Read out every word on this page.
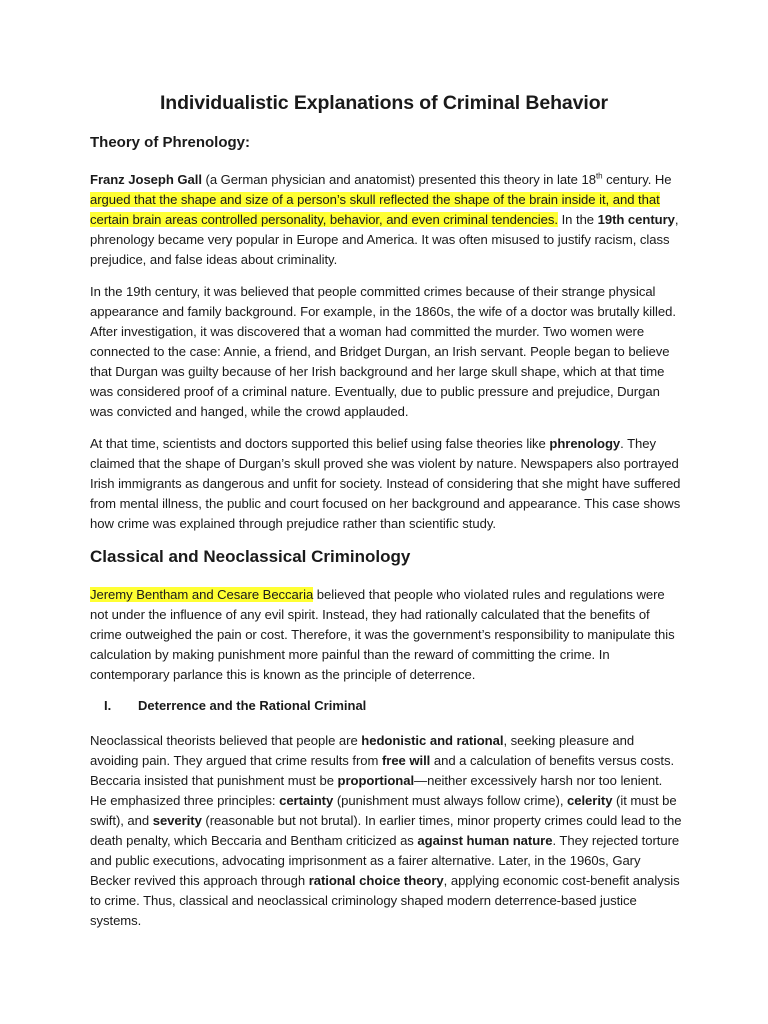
Individualistic Explanations of Criminal Behavior
Theory of Phrenology:

Franz Joseph Gall (a German physician and anatomist) presented this theory in late 18th century. He argued that the shape and size of a person’s skull reflected the shape of the brain inside it, and that certain brain areas controlled personality, behavior, and even criminal tendencies. In the 19th century, phrenology became very popular in Europe and America. It was often misused to justify racism, class prejudice, and false ideas about criminality.

In the 19th century, it was believed that people committed crimes because of their strange physical appearance and family background. For example, in the 1860s, the wife of a doctor was brutally killed. After investigation, it was discovered that a woman had committed the murder. Two women were connected to the case: Annie, a friend, and Bridget Durgan, an Irish servant. People began to believe that Durgan was guilty because of her Irish background and her large skull shape, which at that time was considered proof of a criminal nature. Eventually, due to public pressure and prejudice, Durgan was convicted and hanged, while the crowd applauded.

At that time, scientists and doctors supported this belief using false theories like phrenology. They claimed that the shape of Durgan’s skull proved she was violent by nature. Newspapers also portrayed Irish immigrants as dangerous and unfit for society. Instead of considering that she might have suffered from mental illness, the public and court focused on her background and appearance. This case shows how crime was explained through prejudice rather than scientific study.

Classical and Neoclassical Criminology

Jeremy Bentham and Cesare Beccaria believed that people who violated rules and regulations were not under the influence of any evil spirit. Instead, they had rationally calculated that the benefits of crime outweighed the pain or cost. Therefore, it was the government’s responsibility to manipulate this calculation by making punishment more painful than the reward of committing the crime. In contemporary parlance this is known as the principle of deterrence.

I. Deterrence and the Rational Criminal

Neoclassical theorists believed that people are hedonistic and rational, seeking pleasure and avoiding pain. They argued that crime results from free will and a calculation of benefits versus costs. Beccaria insisted that punishment must be proportional—neither excessively harsh nor too lenient. He emphasized three principles: certainty (punishment must always follow crime), celerity (it must be swift), and severity (reasonable but not brutal). In earlier times, minor property crimes could lead to the death penalty, which Beccaria and Bentham criticized as against human nature. They rejected torture and public executions, advocating imprisonment as a fairer alternative. Later, in the 1960s, Gary Becker revived this approach through rational choice theory, applying economic cost-benefit analysis to crime. Thus, classical and neoclassical criminology shaped modern deterrence-based justice systems.
